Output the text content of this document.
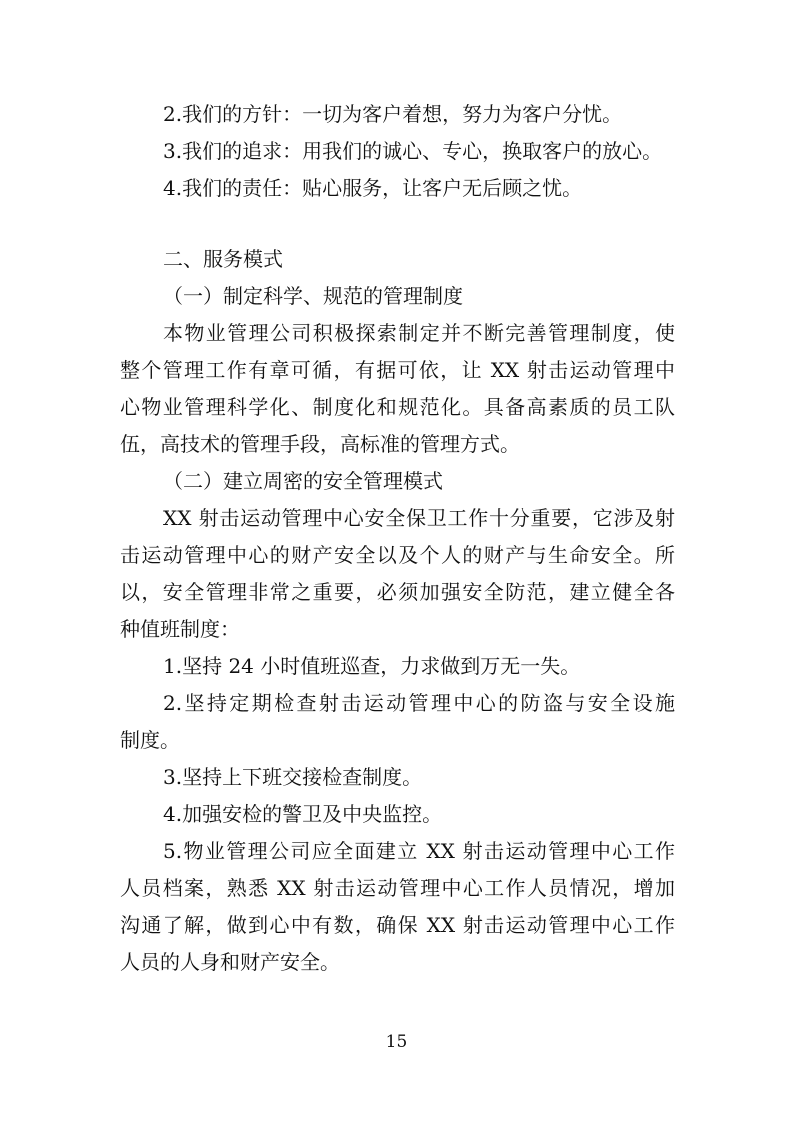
2.我们的方针：一切为客户着想，努力为客户分忧。

3.我们的追求：用我们的诚心、专心，换取客户的放心。

4.我们的责任：贴心服务，让客户无后顾之忧。

二、服务模式

（一）制定科学、规范的管理制度

本物业管理公司积极探索制定并不断完善管理制度，使

整个管理工作有章可循，有据可依，让 XX 射击运动管理中

心物业管理科学化、制度化和规范化。具备高素质的员工队

伍，高技术的管理手段，高标准的管理方式。

（二）建立周密的安全管理模式

XX 射击运动管理中心安全保卫工作十分重要，它涉及射

击运动管理中心的财产安全以及个人的财产与生命安全。所

以，安全管理非常之重要，必须加强安全防范，建立健全各

种值班制度：

1.坚持 24 小时值班巡查，力求做到万无一失。

2.坚持定期检查射击运动管理中心的防盗与安全设施

制度。

3.坚持上下班交接检查制度。

4.加强安检的警卫及中央监控。

5.物业管理公司应全面建立 XX 射击运动管理中心工作

人员档案，熟悉 XX 射击运动管理中心工作人员情况，增加

沟通了解，做到心中有数，确保 XX 射击运动管理中心工作

人员的人身和财产安全。

15
